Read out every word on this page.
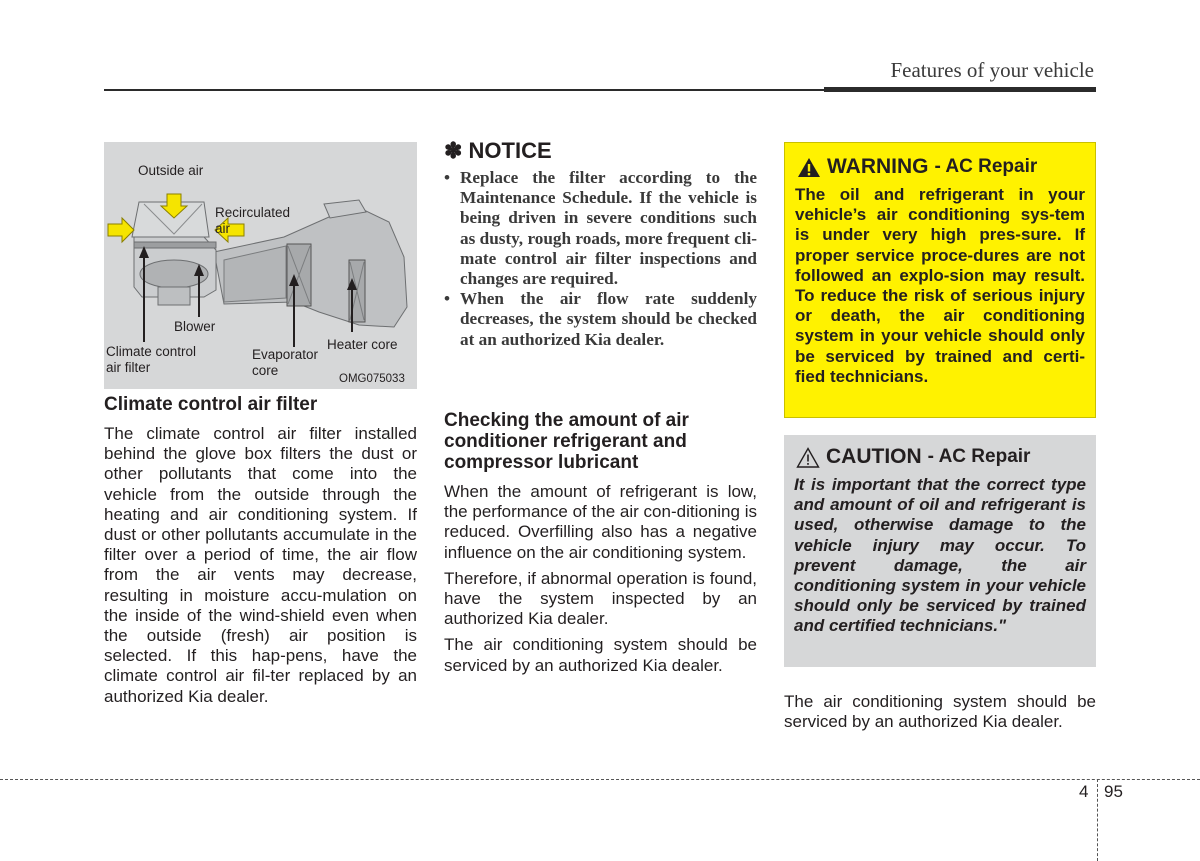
Features of your vehicle
Outside air
Recirculated
air
Blower
Climate control
air filter
Evaporator
core
Heater core
OMG075033
Climate control air filter

The climate control air filter installed behind the glove box filters the dust or other pollutants that come into the vehicle from the outside through the heating and air conditioning system. If dust or other pollutants accumulate in the filter over a period of time, the air flow from the air vents may decrease, resulting in moisture accu-mulation on the inside of the wind-shield even when the outside (fresh) air position is selected. If this hap-pens, have the climate control air fil-ter replaced by an authorized Kia dealer.

✽ NOTICE
• Replace the filter according to the Maintenance Schedule. If the vehicle is being driven in severe conditions such as dusty, rough roads, more frequent cli-mate control air filter inspections and changes are required.
• When the air flow rate suddenly decreases, the system should be checked at an authorized Kia dealer.
Checking the amount of air conditioner refrigerant and compressor lubricant

When the amount of refrigerant is low, the performance of the air con-ditioning is reduced. Overfilling also has a negative influence on the air conditioning system.

Therefore, if abnormal operation is found, have the system inspected by an authorized Kia dealer.

The air conditioning system should be serviced by an authorized Kia dealer.

WARNING - AC Repair

The oil and refrigerant in your vehicle’s air conditioning sys-tem is under very high pres-sure. If proper service proce-dures are not followed an explo-sion may result. To reduce the risk of serious injury or death, the air conditioning system in your vehicle should only be serviced by trained and certi-fied technicians.

CAUTION - AC Repair

It is important that the correct type and amount of oil and refrigerant is used, otherwise damage to the vehicle injury may occur. To prevent damage, the air conditioning system in your vehicle should only be serviced by trained and certified technicians."

The air conditioning system should be serviced by an authorized Kia dealer.

4 95
